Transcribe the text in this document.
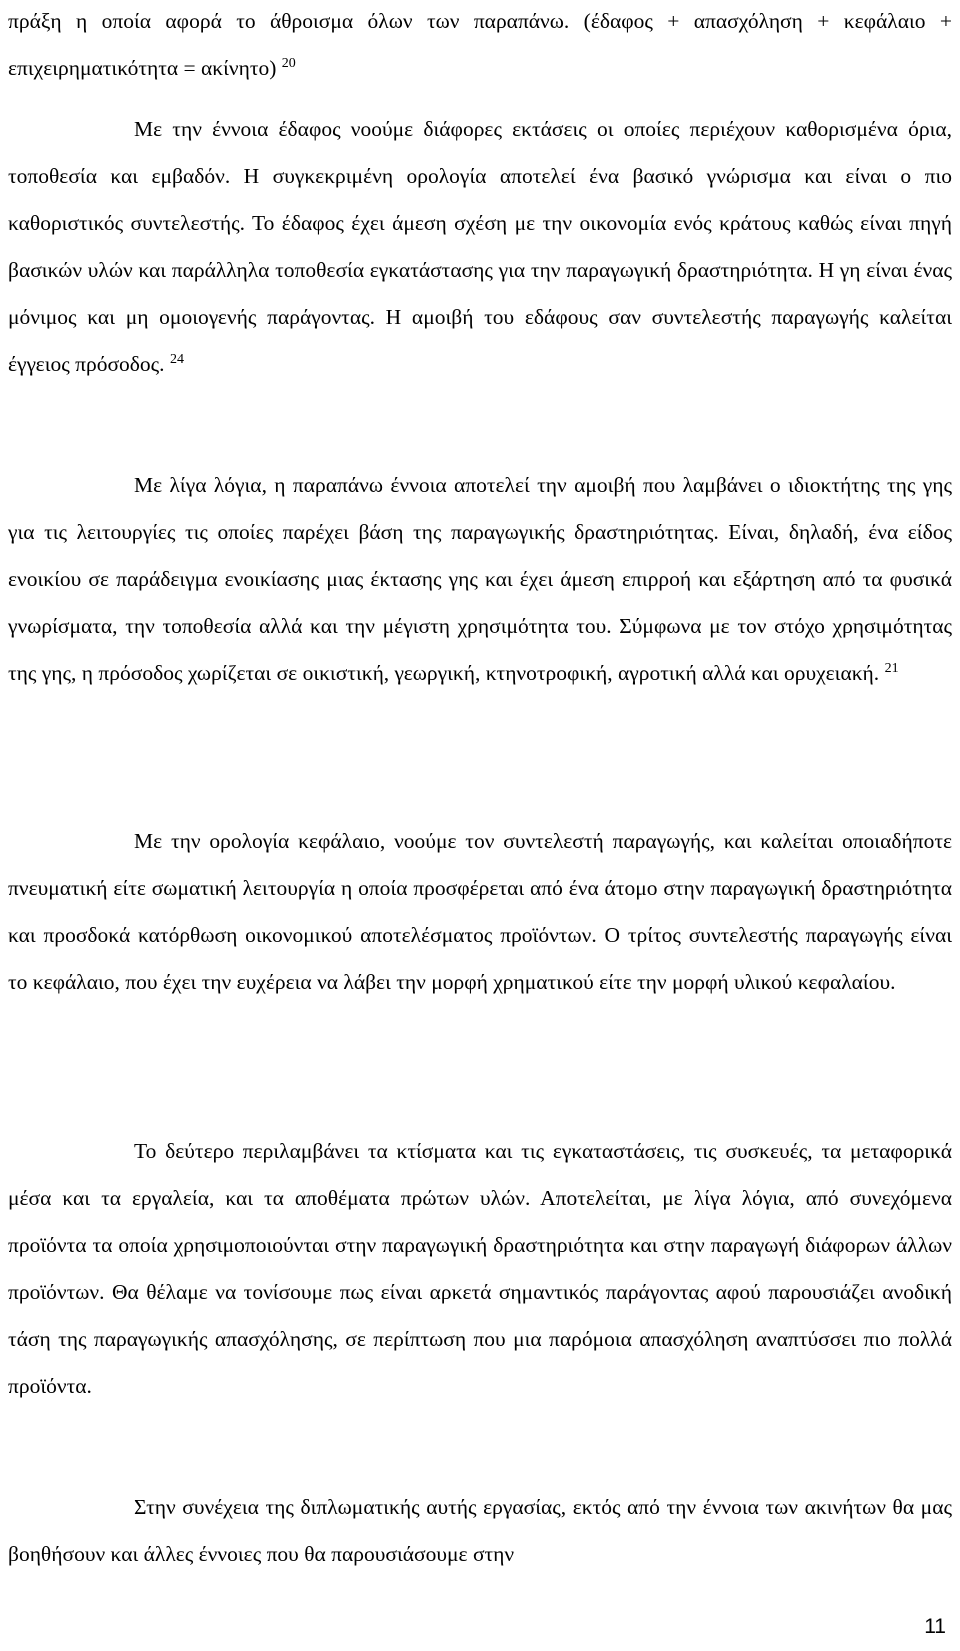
πράξη η οποία αφορά το άθροισμα όλων των παραπάνω. (έδαφος + απασχόληση + κεφάλαιο + επιχειρηματικότητα = ακίνητο) $^{20}$

Με την έννοια έδαφος νοούμε διάφορες εκτάσεις οι οποίες περιέχουν καθορισμένα όρια, τοποθεσία και εμβαδόν. Η συγκεκριμένη ορολογία αποτελεί ένα βασικό γνώρισμα και είναι ο πιο καθοριστικός συντελεστής. Το έδαφος έχει άμεση σχέση με την οικονομία ενός κράτους καθώς είναι πηγή βασικών υλών και παράλληλα τοποθεσία εγκατάστασης για την παραγωγική δραστηριότητα. Η γη είναι ένας μόνιμος και μη ομοιογενής παράγοντας. Η αμοιβή του εδάφους σαν συντελεστής παραγωγής καλείται έγγειος πρόσοδος. $^{24}$

Με λίγα λόγια, η παραπάνω έννοια αποτελεί την αμοιβή που λαμβάνει ο ιδιοκτήτης της γης για τις λειτουργίες τις οποίες παρέχει βάση της παραγωγικής δραστηριότητας. Είναι, δηλαδή, ένα είδος ενοικίου σε παράδειγμα ενοικίασης μιας έκτασης γης και έχει άμεση επιρροή και εξάρτηση από τα φυσικά γνωρίσματα, την τοποθεσία αλλά και την μέγιστη χρησιμότητα του. Σύμφωνα με τον στόχο χρησιμότητας της γης, η πρόσοδος χωρίζεται σε οικιστική, γεωργική, κτηνοτροφική, αγροτική αλλά και ορυχειακή. $^{21}$

Με την ορολογία κεφάλαιο, νοούμε τον συντελεστή παραγωγής, και καλείται οποιαδήποτε πνευματική είτε σωματική λειτουργία η οποία προσφέρεται από ένα άτομο στην παραγωγική δραστηριότητα και προσδοκά κατόρθωση οικονομικού αποτελέσματος προϊόντων. Ο τρίτος συντελεστής παραγωγής είναι το κεφάλαιο, που έχει την ευχέρεια να λάβει την μορφή χρηματικού είτε την μορφή υλικού κεφαλαίου.

Το δεύτερο περιλαμβάνει τα κτίσματα και τις εγκαταστάσεις, τις συσκευές, τα μεταφορικά μέσα και τα εργαλεία, και τα αποθέματα πρώτων υλών. Αποτελείται, με λίγα λόγια, από συνεχόμενα προϊόντα τα οποία χρησιμοποιούνται στην παραγωγική δραστηριότητα και στην παραγωγή διάφορων άλλων προϊόντων. Θα θέλαμε να τονίσουμε πως είναι αρκετά σημαντικός παράγοντας αφού παρουσιάζει ανοδική τάση της παραγωγικής απασχόλησης, σε περίπτωση που μια παρόμοια απασχόληση αναπτύσσει πιο πολλά προϊόντα.

Στην συνέχεια της διπλωματικής αυτής εργασίας, εκτός από την έννοια των ακινήτων θα μας βοηθήσουν και άλλες έννοιες που θα παρουσιάσουμε στην

11
